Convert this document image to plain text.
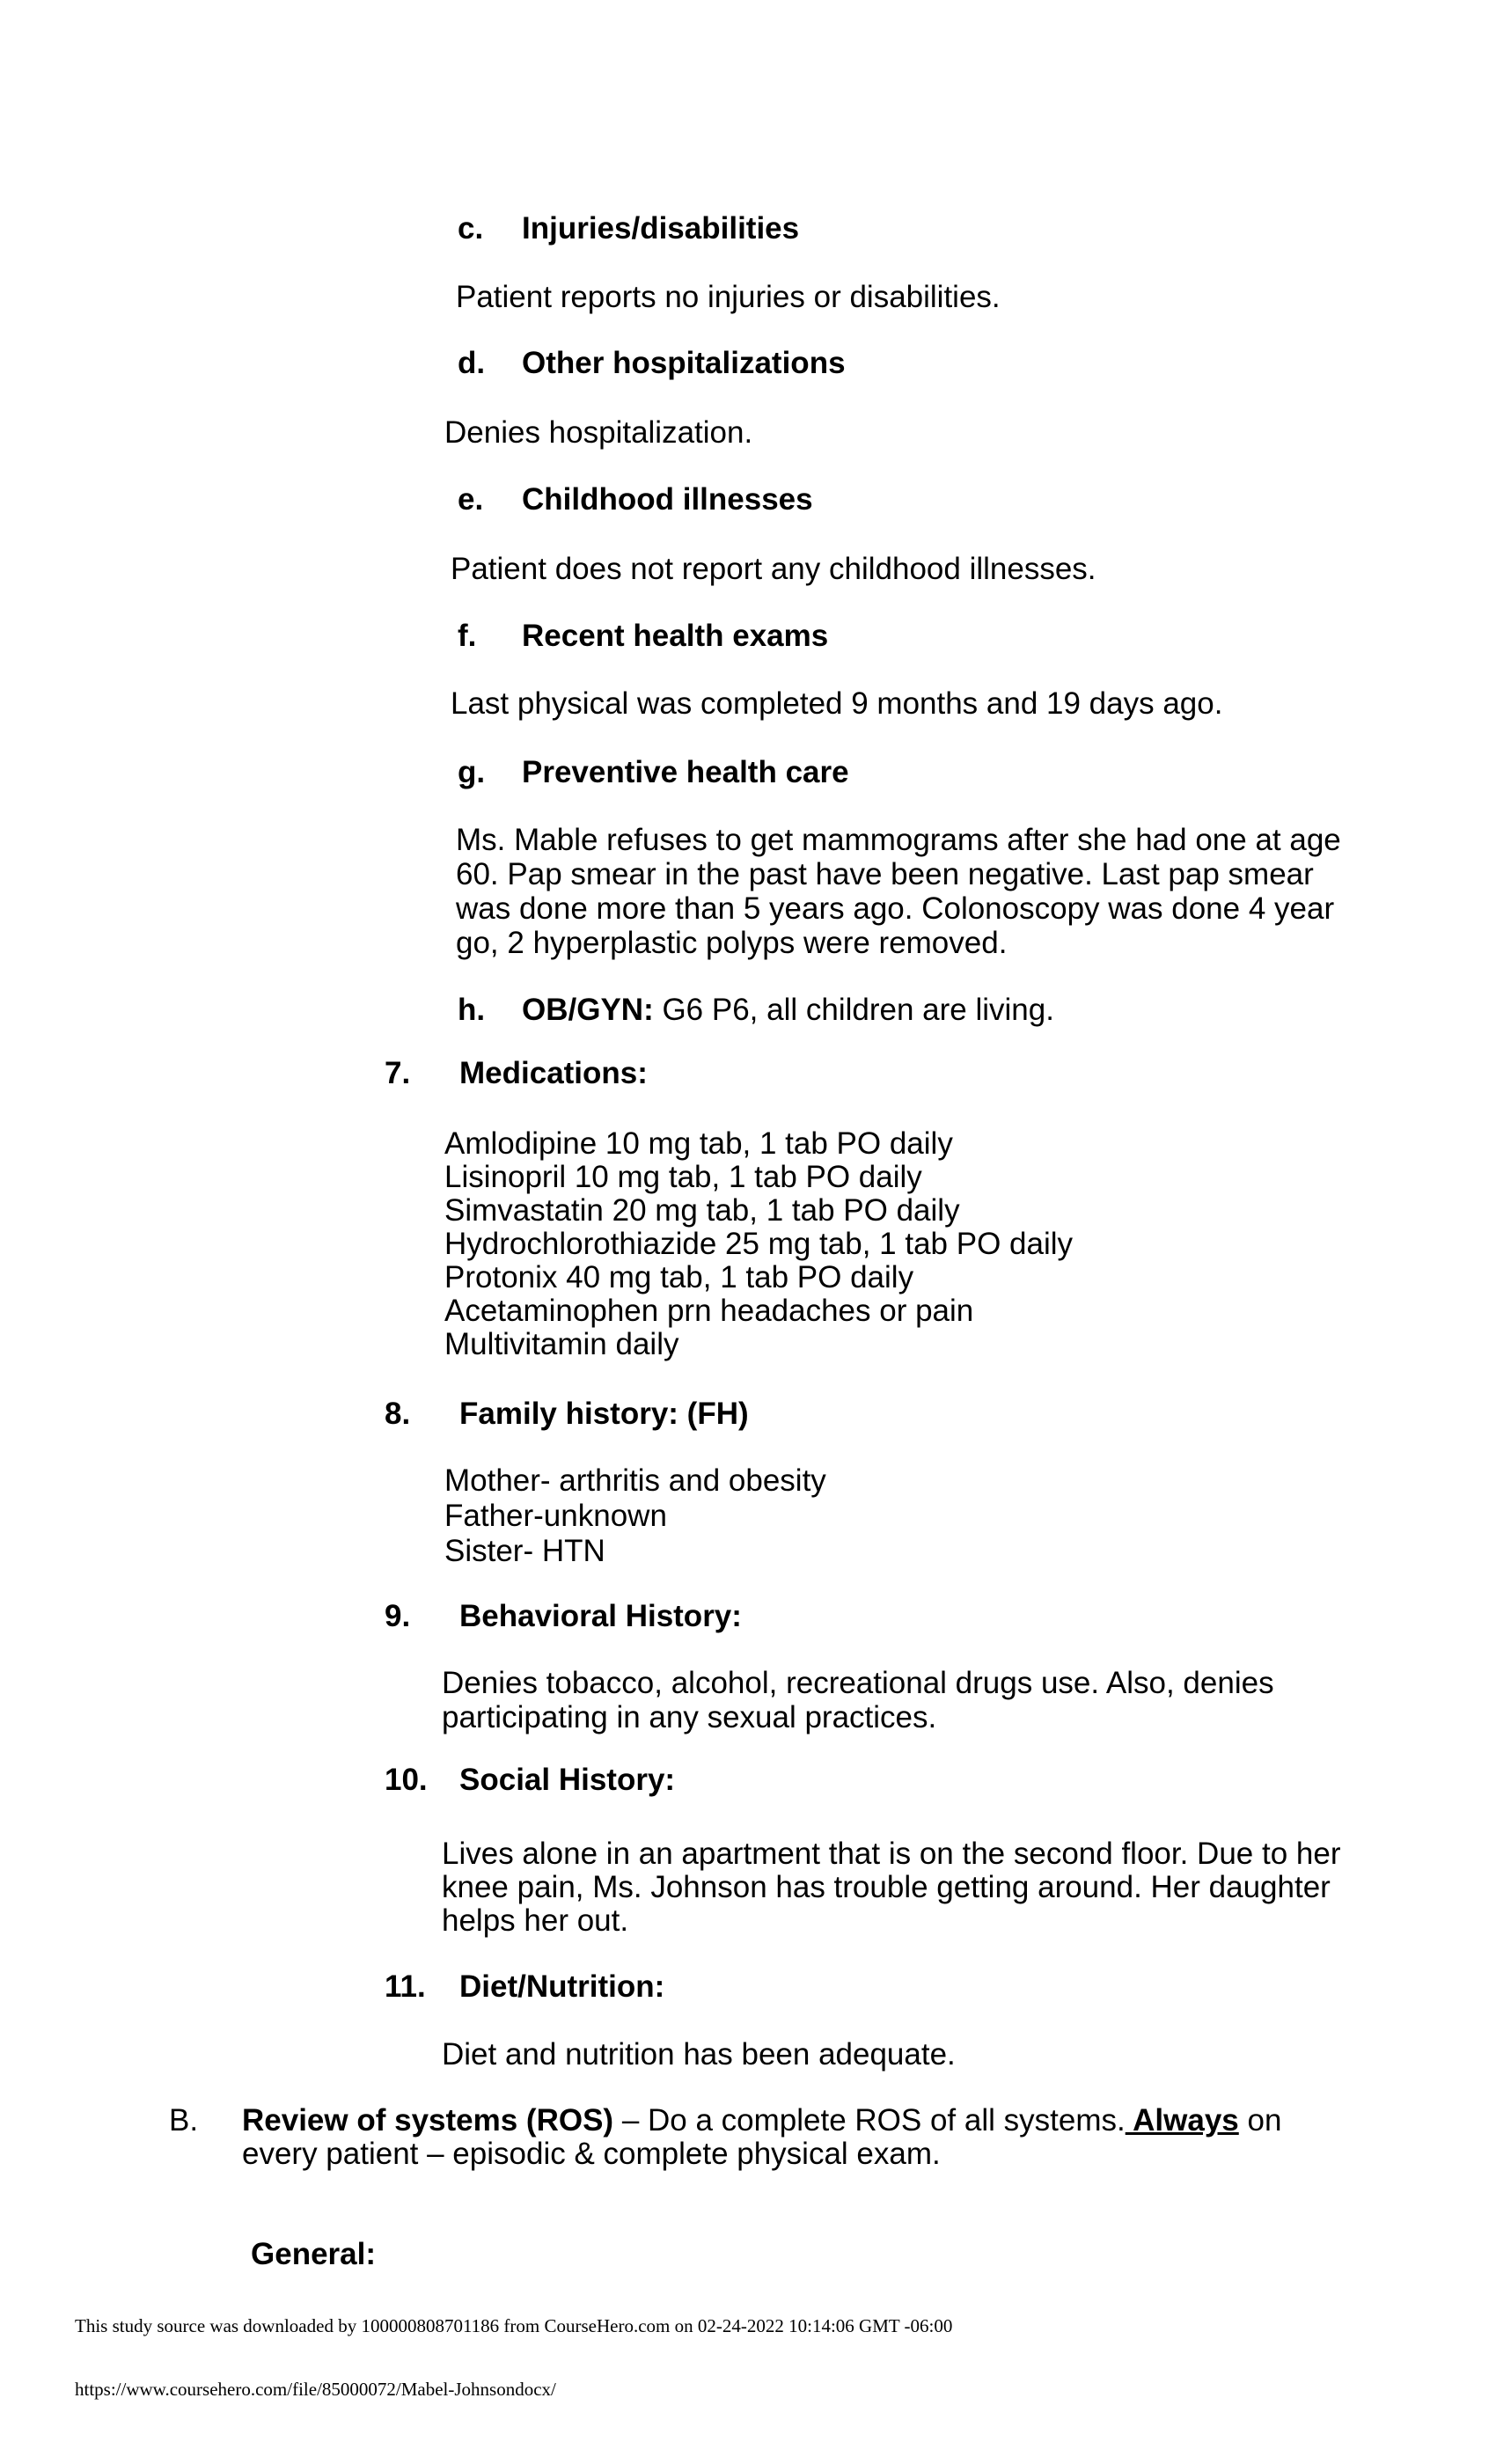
c. Injuries/disabilities
Patient reports no injuries or disabilities.
d. Other hospitalizations
Denies hospitalization.
e. Childhood illnesses
Patient does not report any childhood illnesses.
f. Recent health exams
Last physical was completed 9 months and 19 days ago.
g. Preventive health care
Ms. Mable refuses to get mammograms after she had one at age
60. Pap smear in the past have been negative. Last pap smear
was done more than 5 years ago. Colonoscopy was done 4 year
go, 2 hyperplastic polyps were removed.
h. OB/GYN: G6 P6, all children are living.
7. Medications:
Amlodipine 10 mg tab, 1 tab PO daily
Lisinopril 10 mg tab, 1 tab PO daily
Simvastatin 20 mg tab, 1 tab PO daily
Hydrochlorothiazide 25 mg tab, 1 tab PO daily
Protonix 40 mg tab, 1 tab PO daily
Acetaminophen prn headaches or pain
Multivitamin daily
8. Family history: (FH)
Mother- arthritis and obesity
Father-unknown
Sister- HTN
9. Behavioral History:
Denies tobacco, alcohol, recreational drugs use. Also, denies
participating in any sexual practices.
10. Social History:
Lives alone in an apartment that is on the second floor. Due to her
knee pain, Ms. Johnson has trouble getting around. Her daughter
helps her out.
11. Diet/Nutrition:
Diet and nutrition has been adequate.
B. Review of systems (ROS) – Do a complete ROS of all systems. Always on
every patient – episodic & complete physical exam.
General:
This study source was downloaded by 100000808701186 from CourseHero.com on 02-24-2022 10:14:06 GMT -06:00
https://www.coursehero.com/file/85000072/Mabel-Johnsondocx/
